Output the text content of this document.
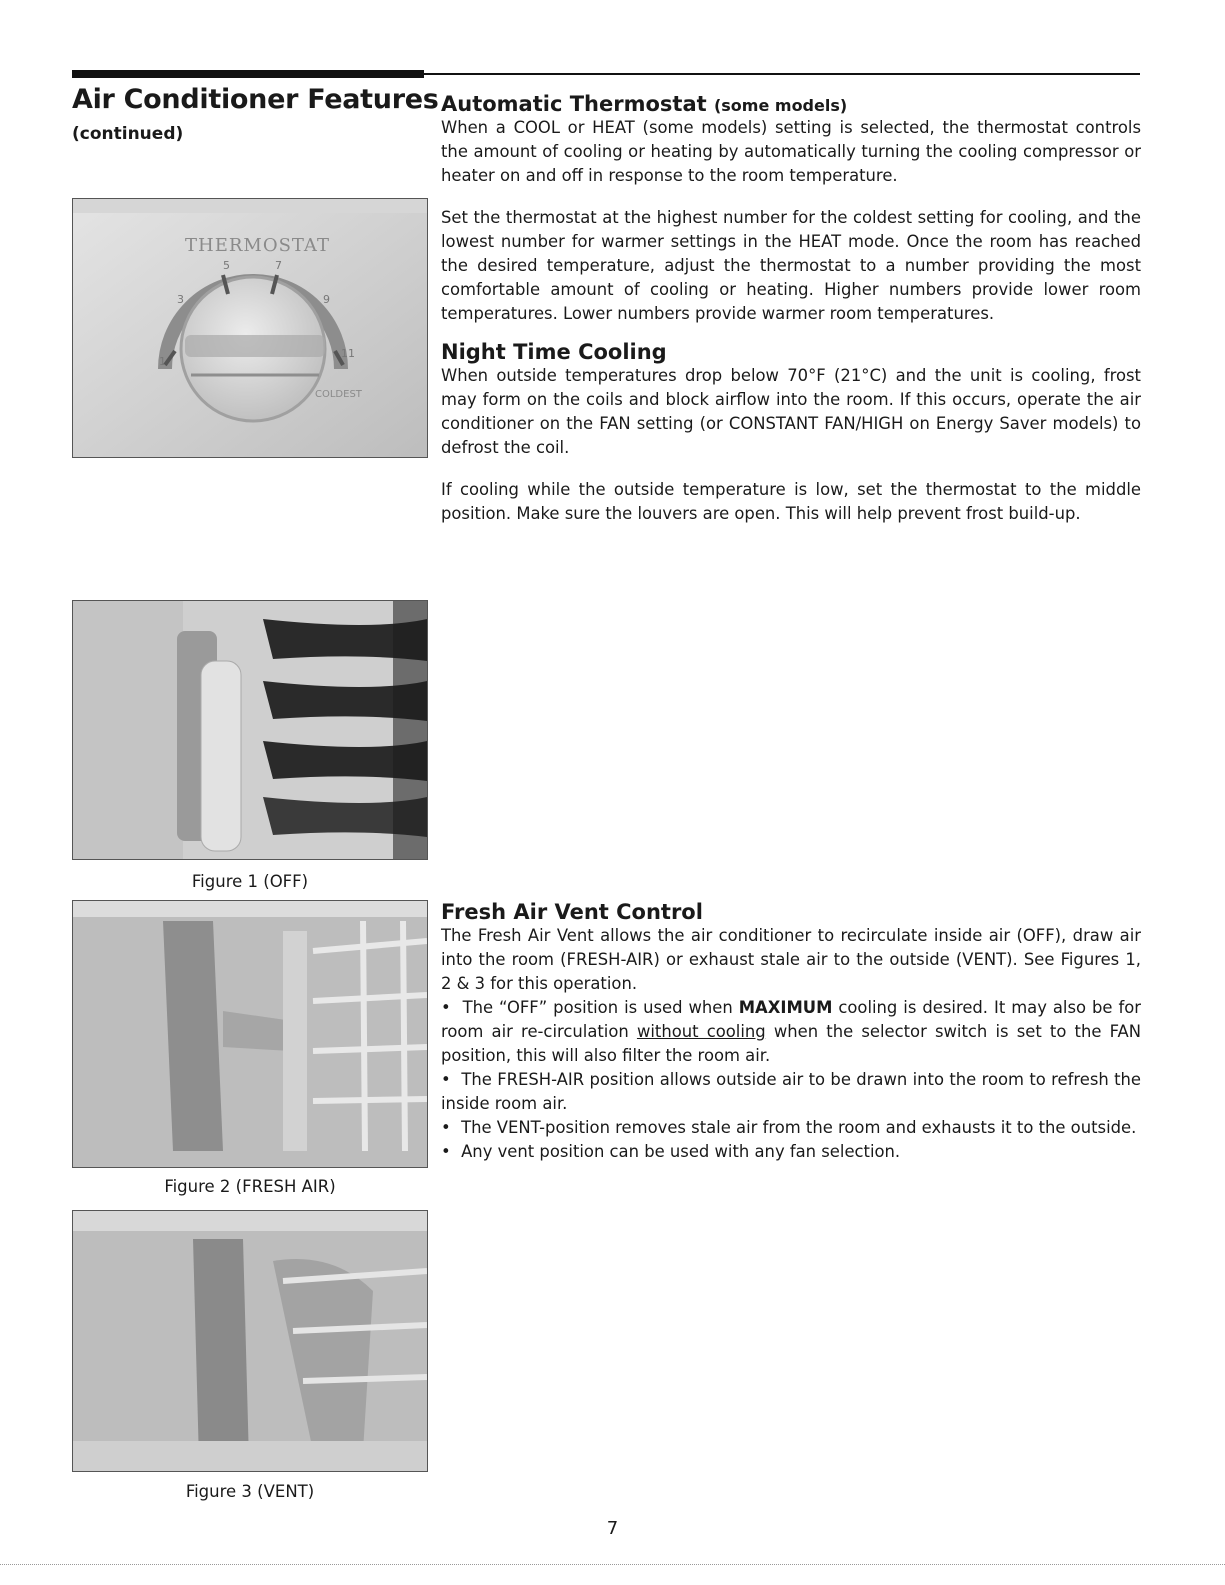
Air Conditioner Features
(continued)
Automatic Thermostat (some models)
When a COOL or HEAT (some models) setting is selected, the thermostat controls the amount of cooling or heating by automatically turning the cooling compressor or heater on and off in response to the room temperature.
Set the thermostat at the highest number for the coldest setting for cooling, and the lowest number for warmer settings in the HEAT mode. Once the room has reached the desired temperature, adjust the thermostat to a number providing the most comfortable amount of cooling or heating. Higher numbers provide lower room temperatures. Lower numbers provide warmer room temperatures.
Night Time Cooling
When outside temperatures drop below 70°F (21°C) and the unit is cooling, frost may form on the coils and block airflow into the room. If this occurs, operate the air conditioner on the FAN setting (or CONSTANT FAN/HIGH on Energy Saver models) to defrost the coil.
If cooling while the outside temperature is low, set the thermostat to the middle position. Make sure the louvers are open. This will help prevent frost build-up.
THERMOSTAT
1
3
5	7
9
11
COLDEST
Figure 1 (OFF)
Figure 2 (FRESH AIR)
Figure 3 (VENT)
Fresh Air Vent Control
The Fresh Air Vent allows the air conditioner to recirculate inside air (OFF), draw air into the room (FRESH-AIR) or exhaust stale air to the outside (VENT). See Figures 1, 2 & 3 for this operation.
• The “OFF” position is used when MAXIMUM cooling is desired. It may also be for room air re-circulation without cooling when the selector switch is set to the FAN position, this will also filter the room air.
• The FRESH-AIR position allows outside air to be drawn into the room to refresh the inside room air.
• The VENT-position removes stale air from the room and exhausts it to the outside.
• Any vent position can be used with any fan selection.
7
